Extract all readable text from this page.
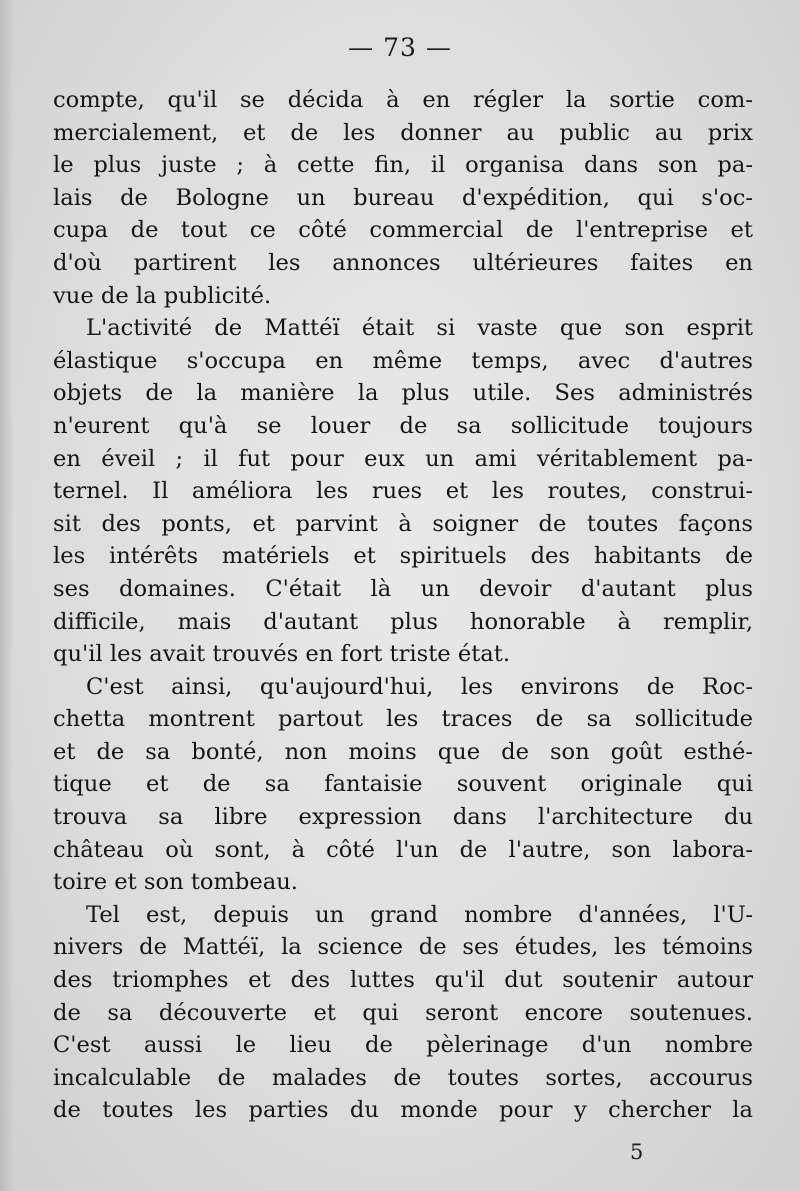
— 73 —
compte, qu'il se décida à en régler la sortie com-
mercialement, et de les donner au public au prix
le plus juste ; à cette fin, il organisa dans son pa-
lais de Bologne un bureau d'expédition, qui s'oc-
cupa de tout ce côté commercial de l'entreprise et
d'où partirent les annonces ultérieures faites en
vue de la publicité.
L'activité de Mattéï était si vaste que son esprit
élastique s'occupa en même temps, avec d'autres
objets de la manière la plus utile. Ses administrés
n'eurent qu'à se louer de sa sollicitude toujours
en éveil ; il fut pour eux un ami véritablement pa-
ternel. Il améliora les rues et les routes, construi-
sit des ponts, et parvint à soigner de toutes façons
les intérêts matériels et spirituels des habitants de
ses domaines. C'était là un devoir d'autant plus
difficile, mais d'autant plus honorable à remplir,
qu'il les avait trouvés en fort triste état.
C'est ainsi, qu'aujourd'hui, les environs de Roc-
chetta montrent partout les traces de sa sollicitude
et de sa bonté, non moins que de son goût esthé-
tique et de sa fantaisie souvent originale qui
trouva sa libre expression dans l'architecture du
château où sont, à côté l'un de l'autre, son labora-
toire et son tombeau.
Tel est, depuis un grand nombre d'années, l'U-
nivers de Mattéï, la science de ses études, les témoins
des triomphes et des luttes qu'il dut soutenir autour
de sa découverte et qui seront encore soutenues.
C'est aussi le lieu de pèlerinage d'un nombre
incalculable de malades de toutes sortes, accourus
de toutes les parties du monde pour y chercher la
5
